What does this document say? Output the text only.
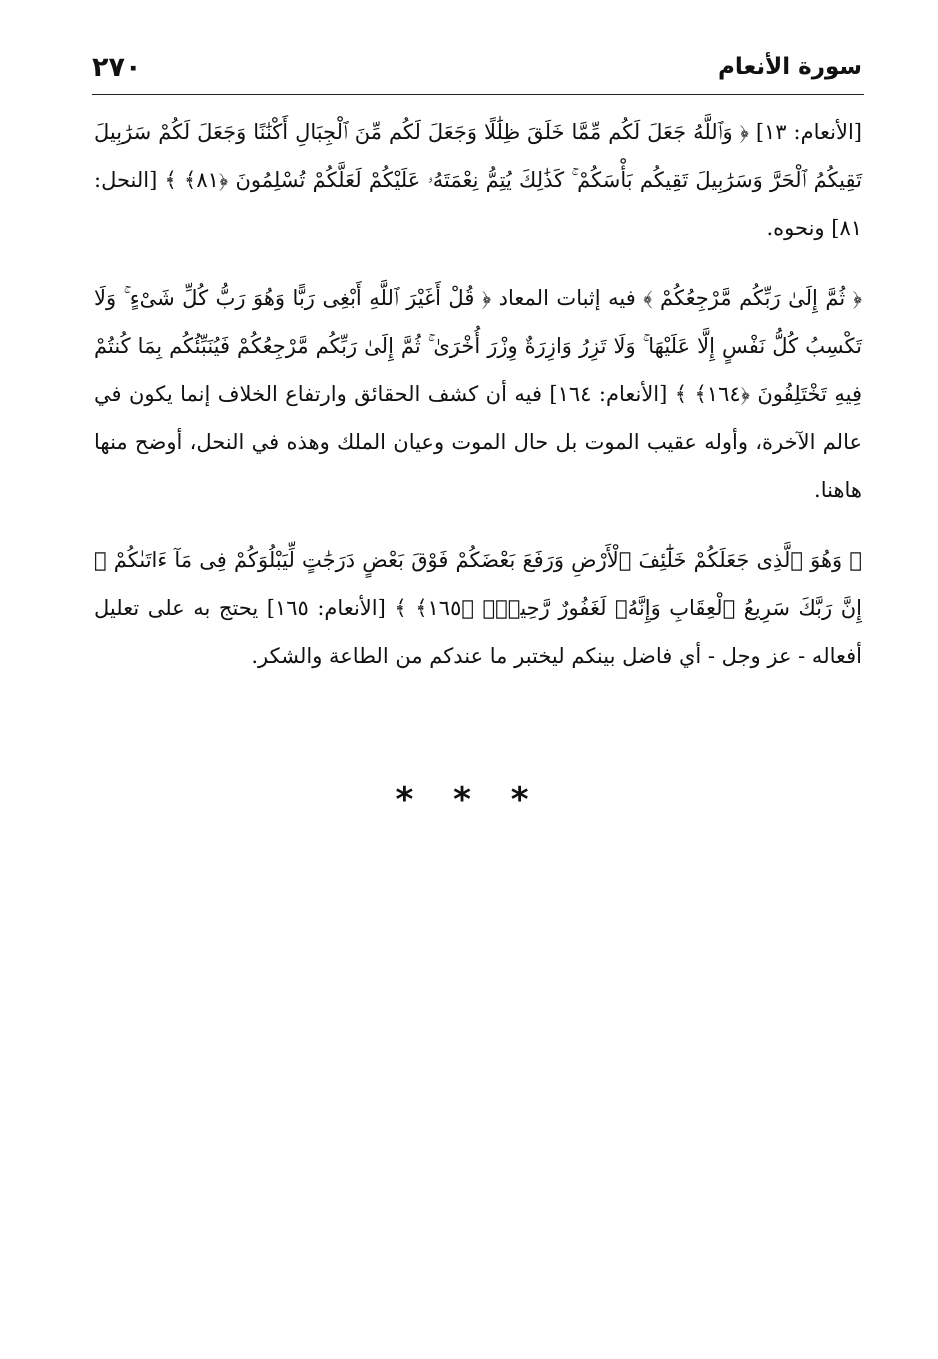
سورة الأنعام
٢٧٠

[الأنعام: ١٣] ﴿ وَٱللَّهُ جَعَلَ لَكُم مِّمَّا خَلَقَ ظِلَٰلًا وَجَعَلَ لَكُم مِّنَ ٱلْجِبَالِ أَكْنَٰنًا وَجَعَلَ لَكُمْ سَرَٰبِيلَ تَقِيكُمُ ٱلْحَرَّ وَسَرَٰبِيلَ تَقِيكُم بَأْسَكُمْ ۚ كَذَٰلِكَ يُتِمُّ نِعْمَتَهُۥ عَلَيْكُمْ لَعَلَّكُمْ تُسْلِمُونَ ﴿٨١﴾ ﴾ [النحل: ٨١] ونحوه.

﴿ ثُمَّ إِلَىٰ رَبِّكُم مَّرْجِعُكُمْ ﴾ فيه إثبات المعاد ﴿ قُلْ أَغَيْرَ ٱللَّهِ أَبْغِى رَبًّا وَهُوَ رَبُّ كُلِّ شَىْءٍ ۚ وَلَا تَكْسِبُ كُلُّ نَفْسٍ إِلَّا عَلَيْهَا ۚ وَلَا تَزِرُ وَازِرَةٌ وِزْرَ أُخْرَىٰ ۚ ثُمَّ إِلَىٰ رَبِّكُم مَّرْجِعُكُمْ فَيُنَبِّئُكُم بِمَا كُنتُمْ فِيهِ تَخْتَلِفُونَ ﴿١٦٤﴾ ﴾ [الأنعام: ١٦٤] فيه أن كشف الحقائق وارتفاع الخلاف إنما يكون في عالم الآخرة، وأوله عقيب الموت بل حال الموت وعيان الملك وهذه في النحل، أوضح منها هاهنا.

﴿ وَهُوَ ٱلَّذِى جَعَلَكُمْ خَلَٰٓئِفَ ٱلْأَرْضِ وَرَفَعَ بَعْضَكُمْ فَوْقَ بَعْضٍ دَرَجَٰتٍ لِّيَبْلُوَكُمْ فِى مَآ ءَاتَىٰكُمْ ۗ إِنَّ رَبَّكَ سَرِيعُ ٱلْعِقَابِ وَإِنَّهُۥ لَغَفُورٌ رَّحِيمٌۢ ﴿١٦٥﴾ ﴾ [الأنعام: ١٦٥] يحتج به على تعليل أفعاله - عز وجل - أي فاضل بينكم ليختبر ما عندكم من الطاعة والشكر.

* * *
